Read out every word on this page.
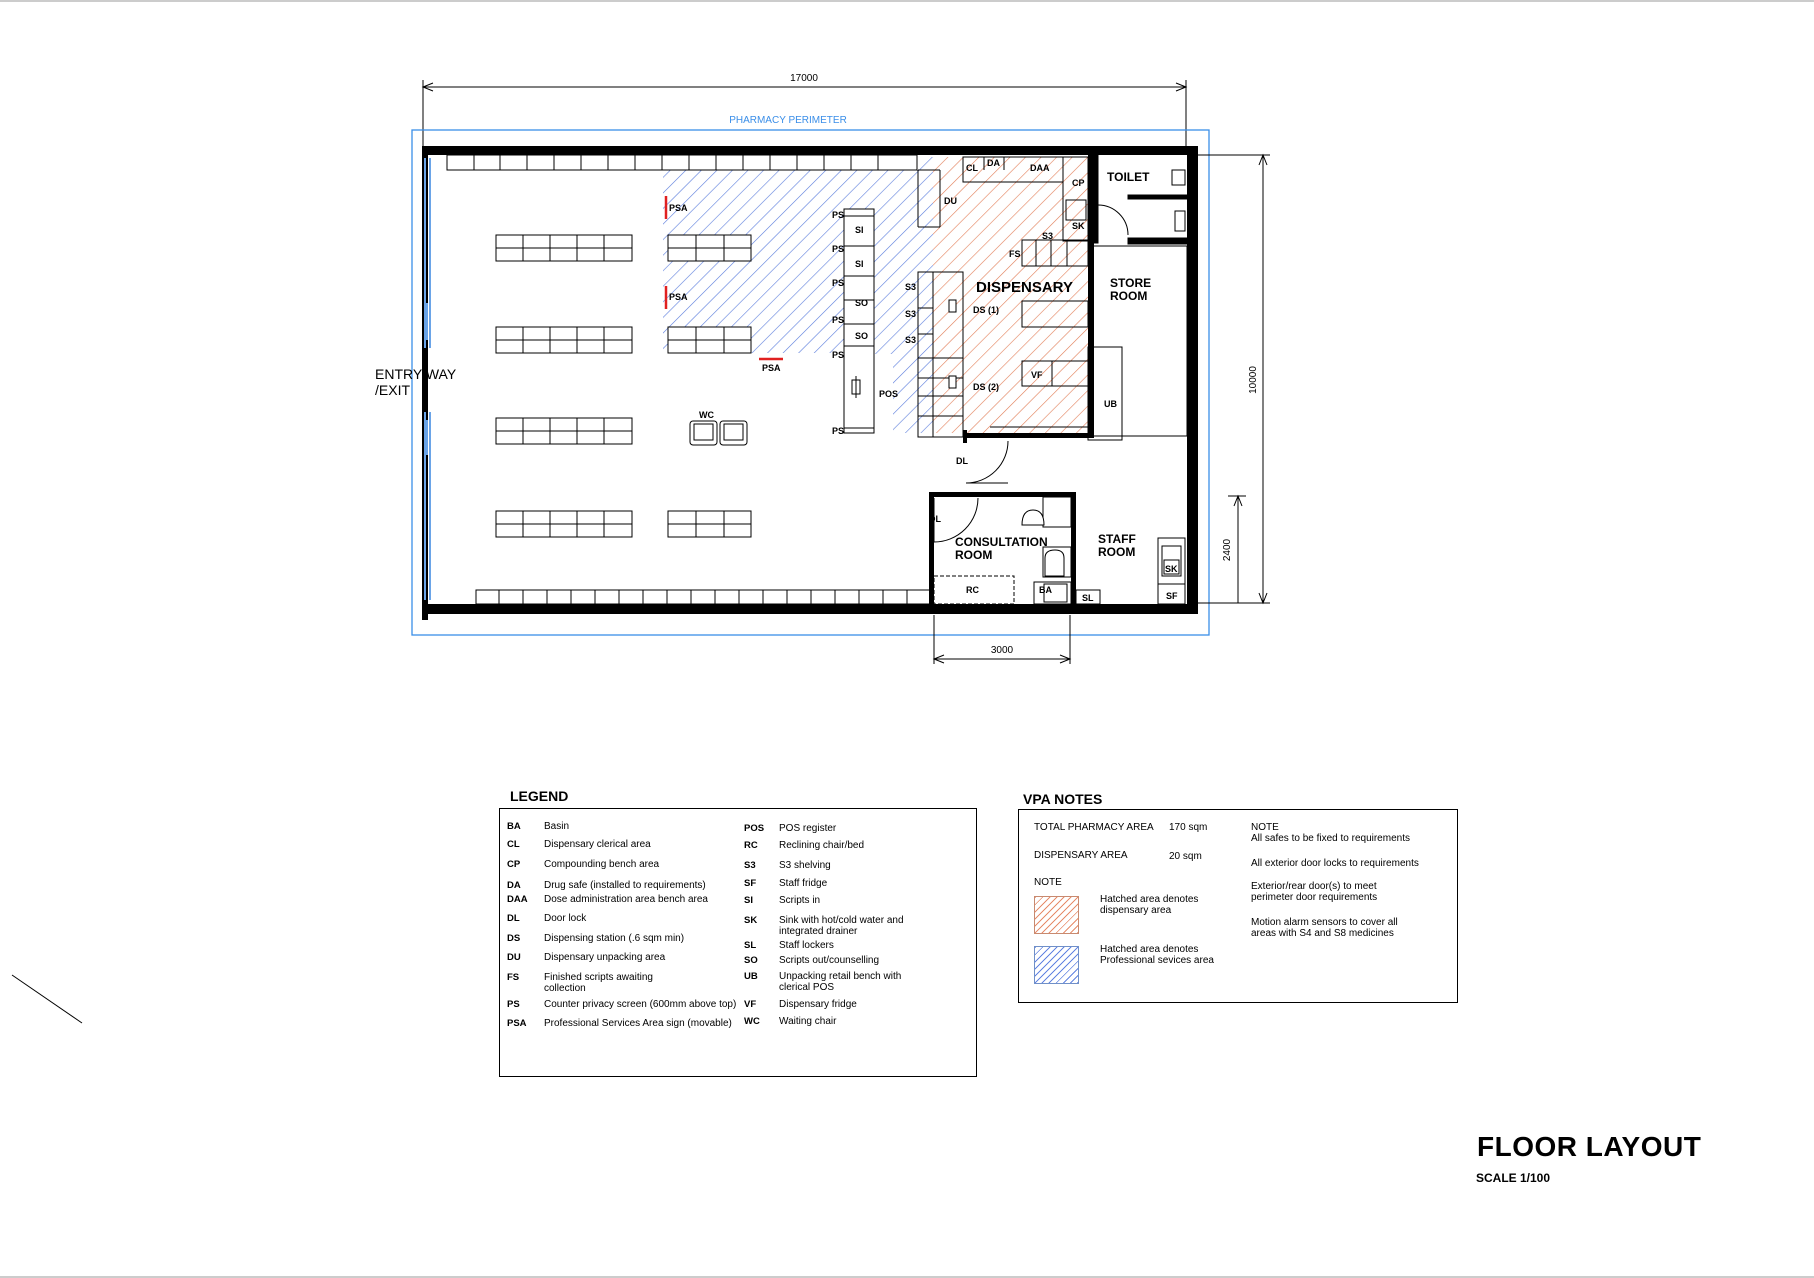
17000
PHARMACY PERIMETER
10000
2400
3000
ENTRY WAY
/EXIT
TOILET
DISPENSARY	STORE
ROOM
CONSULTATION
ROOM
STAFF
ROOM
PSA
PSA
PSA
PS
PS
PS
PS
PS
PS
SI
SI
SO
SO
S3
S3
S3
POS
WC
CL DA	DAA
CP
DU
SK
S3
FS
DS (1)
DS (2)
VF
UB
DL
DL
RC	BA
SL
SK
SF
LEGEND
BA Basin
CL Dispensary clerical area
CP Compounding bench area
DA Drug safe (installed to requirements)
DAA Dose administration area bench area
DL Door lock
DS Dispensing station (.6 sqm min)
DU Dispensary unpacking area
FS Finished scripts awaiting collection
PS Counter privacy screen (600mm above top)
PSA Professional Services Area sign (movable)
POS POS register
RC Reclining chair/bed
S3 S3 shelving
SF Staff fridge
SI	Scripts in
SK Sink with hot/cold water and integrated drainer
SL Staff lockers
SO Scripts out/counselling
UB Unpacking retail bench with clerical POS
VF Dispensary fridge
WC Waiting chair
VPA NOTES
TOTAL PHARMACY AREA 170 sqm
DISPENSARY AREA	20 sqm
NOTE
Hatched area denotes dispensary area
Hatched area denotes Professional sevices area
NOTE
All safes to be fixed to requirements
All exterior door locks to requirements
Exterior/rear door(s) to meet perimeter door requirements
Motion alarm sensors to cover all areas with S4 and S8 medicines
FLOOR LAYOUT
SCALE 1/100
